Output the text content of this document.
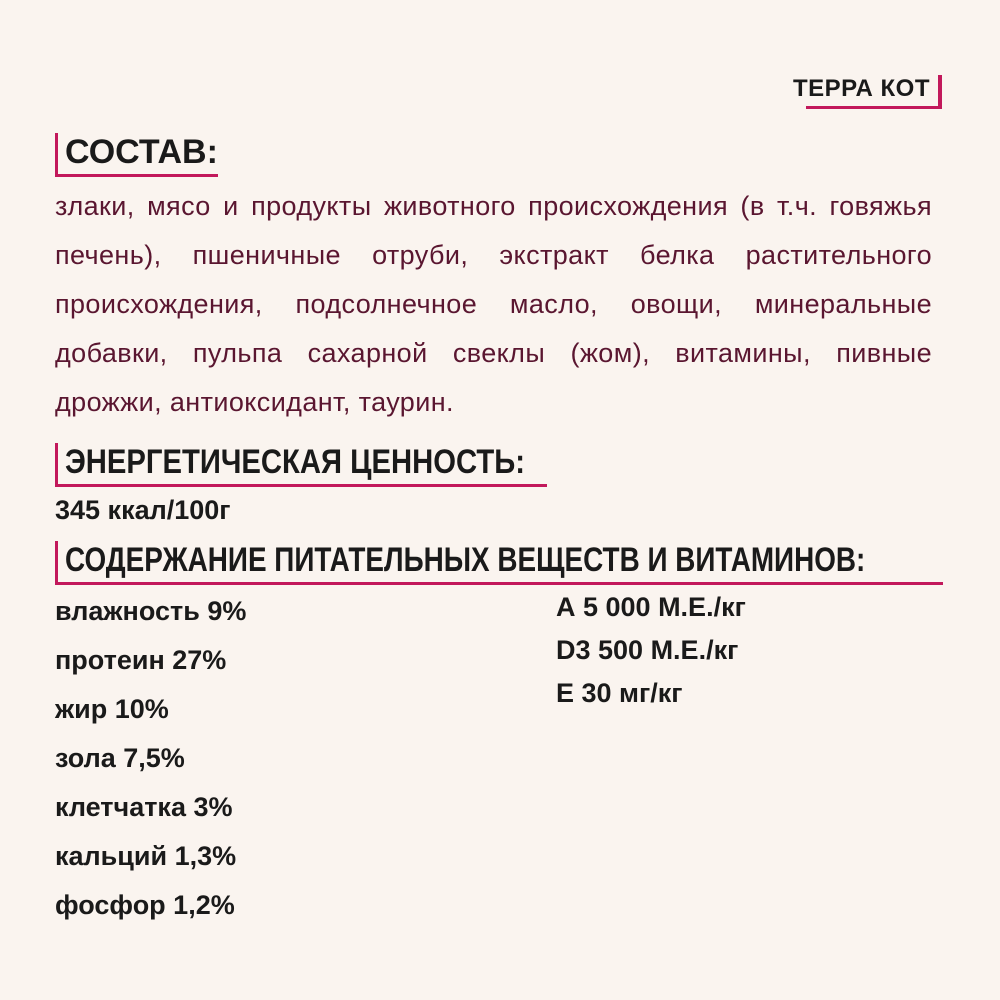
ТЕРРА КОТ
СОСТАВ:

злаки, мясо и продукты животного происхождения (в т.ч. говяжья печень), пшеничные отруби, экстракт белка растительного происхождения, подсолнечное масло, овощи, минеральные добавки, пульпа сахарной свеклы (жом), витамины, пивные дрожжи, антиоксидант, таурин.

ЭНЕРГЕТИЧЕСКАЯ ЦЕННОСТЬ:
345 ккал/100г
СОДЕРЖАНИЕ ПИТАТЕЛЬНЫХ ВЕЩЕСТВ И ВИТАМИНОВ:
влажность 9%
протеин 27%
жир 10%
зола 7,5%
клетчатка 3%
кальций 1,3%
фосфор 1,2%
А 5 000 М.Е./кг
D3 500 М.Е./кг
Е 30 мг/кг
